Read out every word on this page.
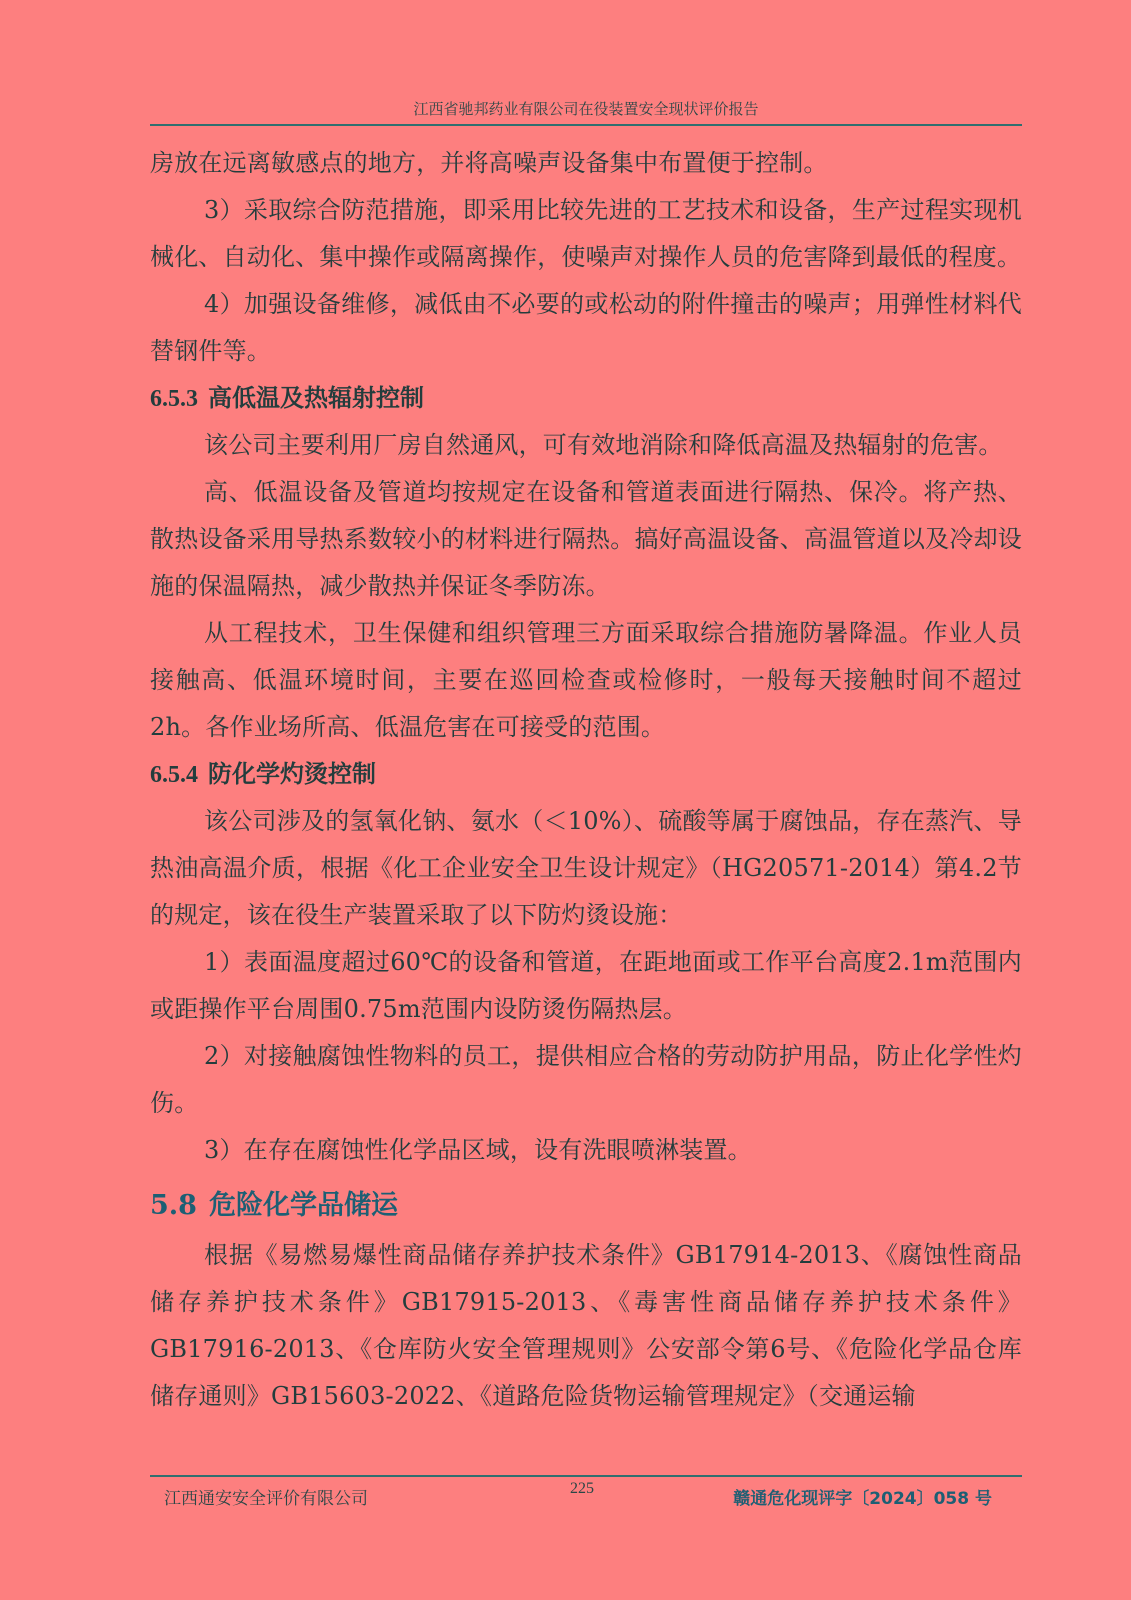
江西省驰邦药业有限公司在役装置安全现状评价报告

房放在远离敏感点的地方，并将高噪声设备集中布置便于控制。

3）采取综合防范措施，即采用比较先进的工艺技术和设备，生产过程实现机械化、自动化、集中操作或隔离操作，使噪声对操作人员的危害降到最低的程度。

4）加强设备维修，减低由不必要的或松动的附件撞击的噪声；用弹性材料代替钢件等。

6.5.3 高低温及热辐射控制

该公司主要利用厂房自然通风，可有效地消除和降低高温及热辐射的危害。

高、低温设备及管道均按规定在设备和管道表面进行隔热、保冷。将产热、散热设备采用导热系数较小的材料进行隔热。搞好高温设备、高温管道以及冷却设施的保温隔热，减少散热并保证冬季防冻。

从工程技术，卫生保健和组织管理三方面采取综合措施防暑降温。作业人员接触高、低温环境时间，主要在巡回检查或检修时，一般每天接触时间不超过2h。各作业场所高、低温危害在可接受的范围。

6.5.4 防化学灼烫控制

该公司涉及的氢氧化钠、氨水（＜10%）、硫酸等属于腐蚀品，存在蒸汽、导热油高温介质，根据《化工企业安全卫生设计规定》（HG20571-2014）第4.2节的规定，该在役生产装置采取了以下防灼烫设施：

1）表面温度超过60℃的设备和管道，在距地面或工作平台高度2.1m范围内或距操作平台周围0.75m范围内设防烫伤隔热层。

2）对接触腐蚀性物料的员工，提供相应合格的劳动防护用品，防止化学性灼伤。

3）在存在腐蚀性化学品区域，设有洗眼喷淋装置。

5.8 危险化学品储运

根据《易燃易爆性商品储存养护技术条件》GB17914-2013、《腐蚀性商品储存养护技术条件》GB17915-2013、《毒害性商品储存养护技术条件》GB17916-2013、《仓库防火安全管理规则》公安部令第6号、《危险化学品仓库储存通则》GB15603-2022、《道路危险货物运输管理规定》（交通运输

江西通安安全评价有限公司
225
赣通危化现评字〔2024〕058 号
